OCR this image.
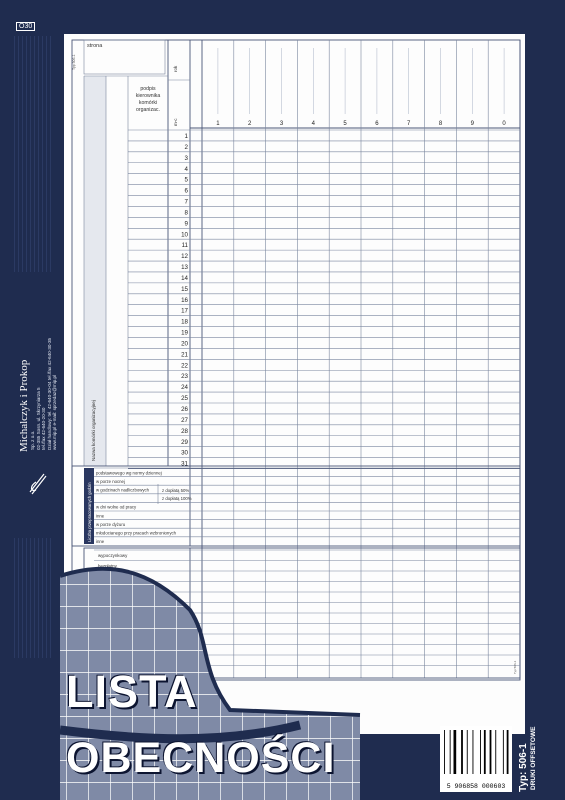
O30
Michalczyk i Prokop Sp. z o.o. 02-385 Sosn. ul. Skrzyniarza 5 tel./fax 42-640-20-30 Dział handlowy: tel. 42-640-30-04 tel./fax 42-640-30-35 www.mip.pl e-mail: sprzedaz@mip.pl
strona
Typ 506-1	rok
m-c
Nazwa komórki organizacyjnej
podpis
kierownika
komórki
organizac.
1
2
3
4
5
6
7
8
9
10
11
12
13
14
15
16
17
18
19
20
21
22
23
24
25
26
27
28
29
30
31
1	2	3	4	5	6	7	8	9	0
Liczba przepracowanych godzin
podstawowego wg normy dziennej
w porze nocnej
w godzinach nadliczbowych
w dni wolne od pracy
inne
w porze dyżuru
młodocianego przy pracach wzbronionych
inne
z dopłatą 50%
z dopłatą 100%
wypoczynkowy
bezpłatny
Typ 506-1
LISTA
OBECNOŚCI	Typ: 506-1 DRUKI OFFSETOWE
5 906858 000603
